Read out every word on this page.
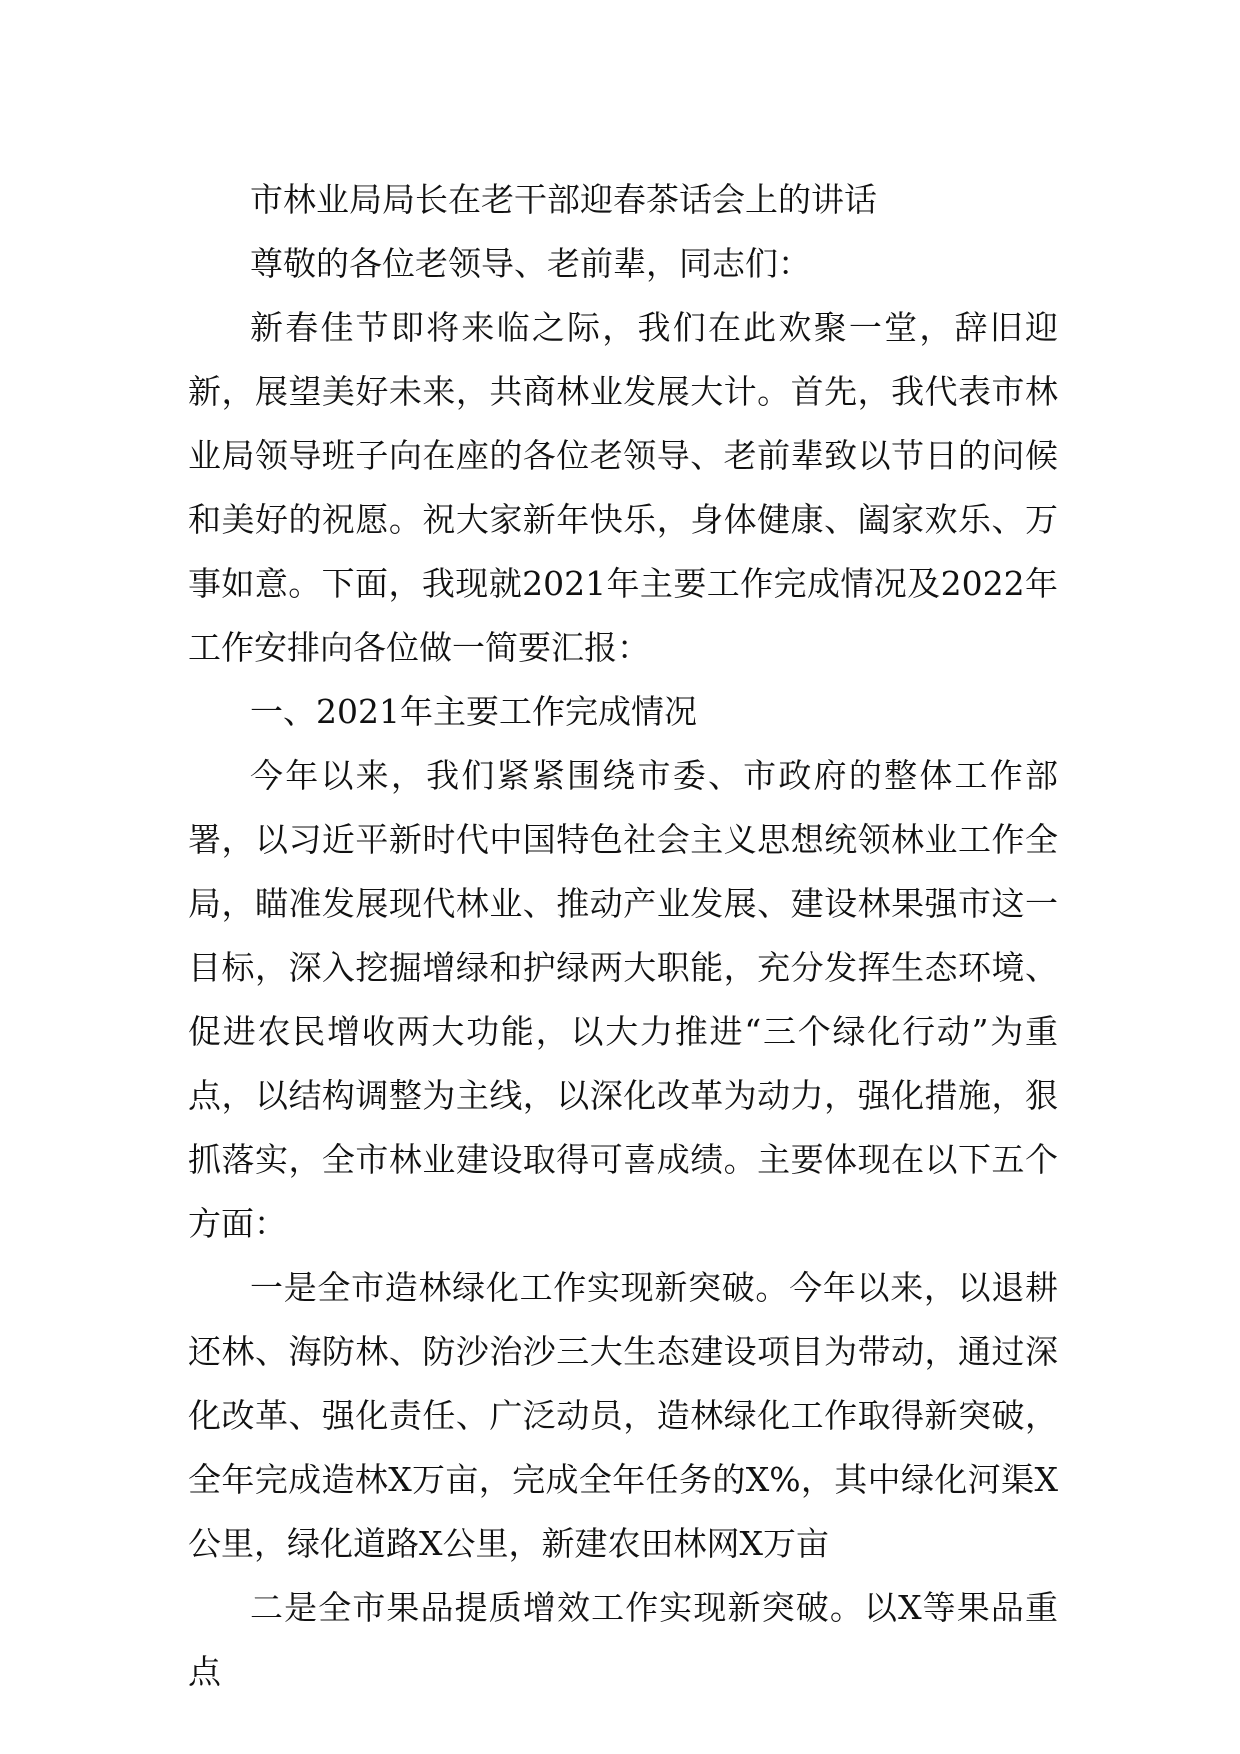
市林业局局长在老干部迎春茶话会上的讲话

尊敬的各位老领导、老前辈，同志们：

新春佳节即将来临之际，我们在此欢聚一堂，辞旧迎新，展望美好未来，共商林业发展大计。首先，我代表市林业局领导班子向在座的各位老领导、老前辈致以节日的问候和美好的祝愿。祝大家新年快乐，身体健康、阖家欢乐、万事如意。下面，我现就2021年主要工作完成情况及2022年工作安排向各位做一简要汇报：

一、2021年主要工作完成情况

今年以来，我们紧紧围绕市委、市政府的整体工作部署，以习近平新时代中国特色社会主义思想统领林业工作全局，瞄准发展现代林业、推动产业发展、建设林果强市这一目标，深入挖掘增绿和护绿两大职能，充分发挥生态环境、促进农民增收两大功能，以大力推进“三个绿化行动”为重点，以结构调整为主线，以深化改革为动力，强化措施，狠抓落实，全市林业建设取得可喜成绩。主要体现在以下五个方面：

一是全市造林绿化工作实现新突破。今年以来，以退耕还林、海防林、防沙治沙三大生态建设项目为带动，通过深化改革、强化责任、广泛动员，造林绿化工作取得新突破，全年完成造林X万亩，完成全年任务的X%，其中绿化河渠X公里，绿化道路X公里，新建农田林网X万亩

二是全市果品提质增效工作实现新突破。以X等果品重点
